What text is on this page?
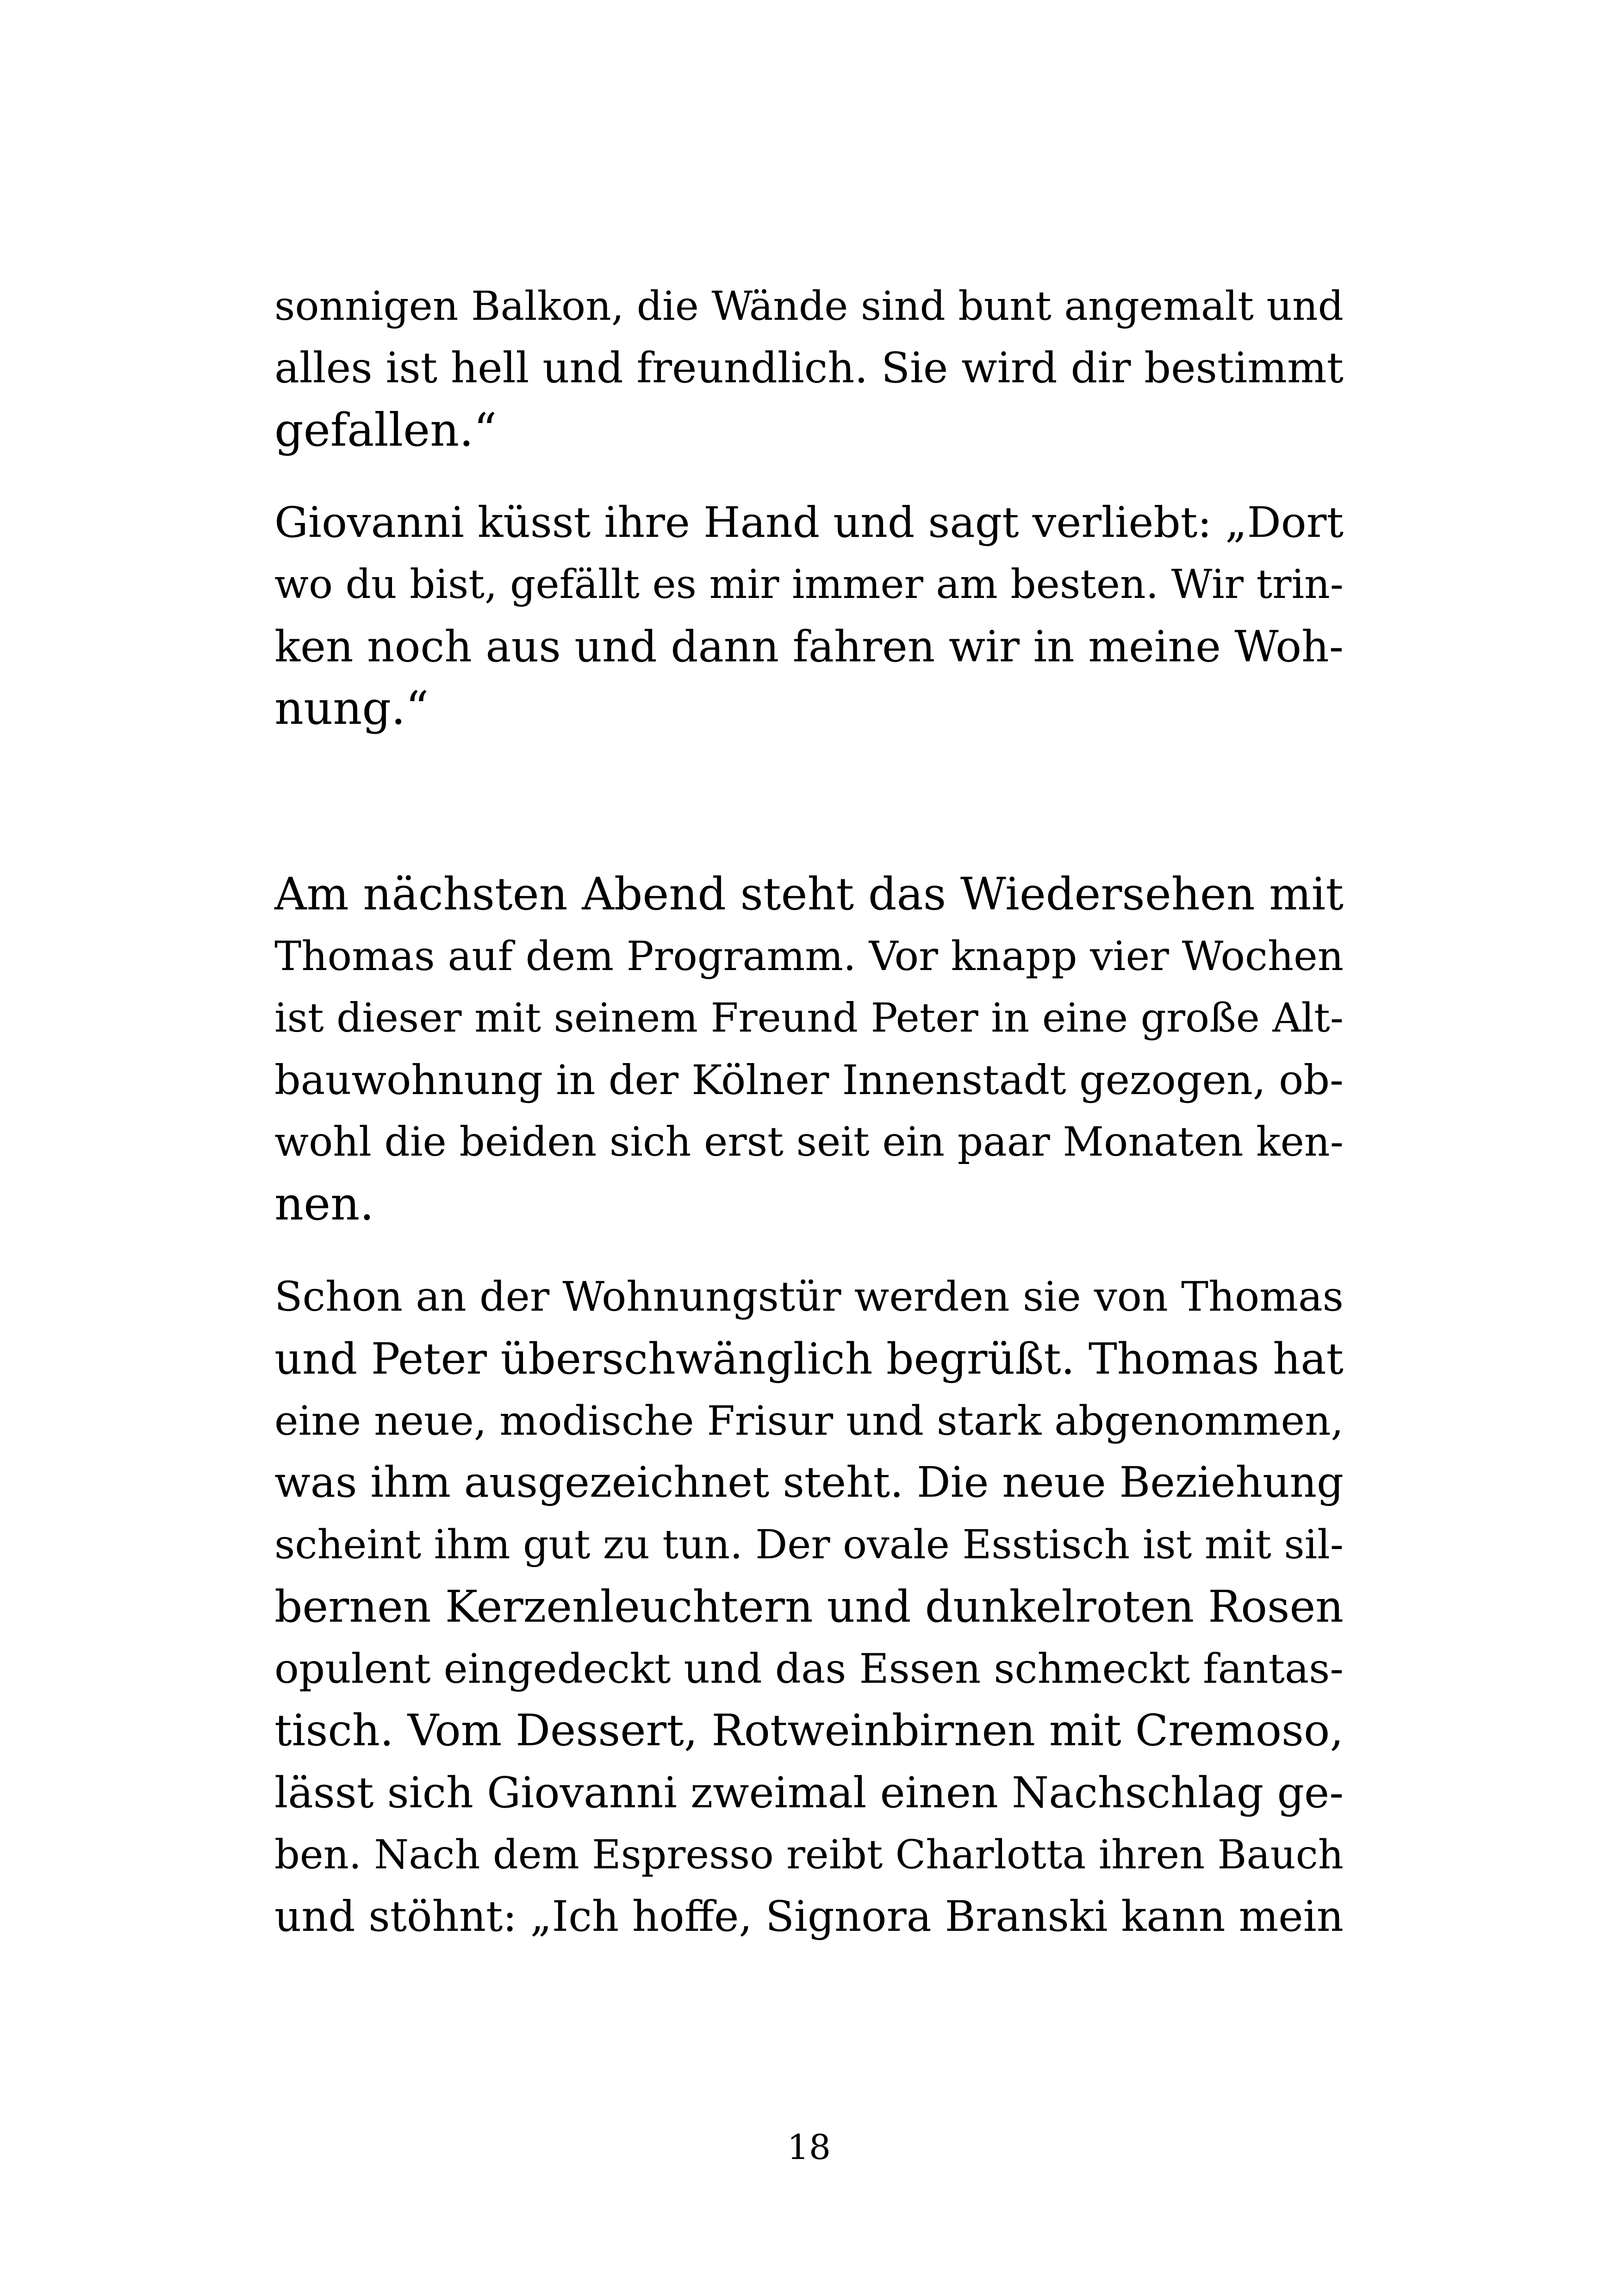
sonnigen Balkon, die Wände sind bunt angemalt und
alles ist hell und freundlich. Sie wird dir bestimmt
gefallen.“
Giovanni küsst ihre Hand und sagt verliebt: „Dort
wo du bist, gefällt es mir immer am besten. Wir trin-
ken noch aus und dann fahren wir in meine Woh-
nung.“
Am nächsten Abend steht das Wiedersehen mit
Thomas auf dem Programm. Vor knapp vier Wochen
ist dieser mit seinem Freund Peter in eine große Alt-
bauwohnung in der Kölner Innenstadt gezogen, ob-
wohl die beiden sich erst seit ein paar Monaten ken-
nen.
Schon an der Wohnungstür werden sie von Thomas
und Peter überschwänglich begrüßt. Thomas hat
eine neue, modische Frisur und stark abgenommen,
was ihm ausgezeichnet steht. Die neue Beziehung
scheint ihm gut zu tun. Der ovale Esstisch ist mit sil-
bernen Kerzenleuchtern und dunkelroten Rosen
opulent eingedeckt und das Essen schmeckt fantas-
tisch. Vom Dessert, Rotweinbirnen mit Cremoso,
lässt sich Giovanni zweimal einen Nachschlag ge-
ben. Nach dem Espresso reibt Charlotta ihren Bauch
und stöhnt: „Ich hoffe, Signora Branski kann mein
18
